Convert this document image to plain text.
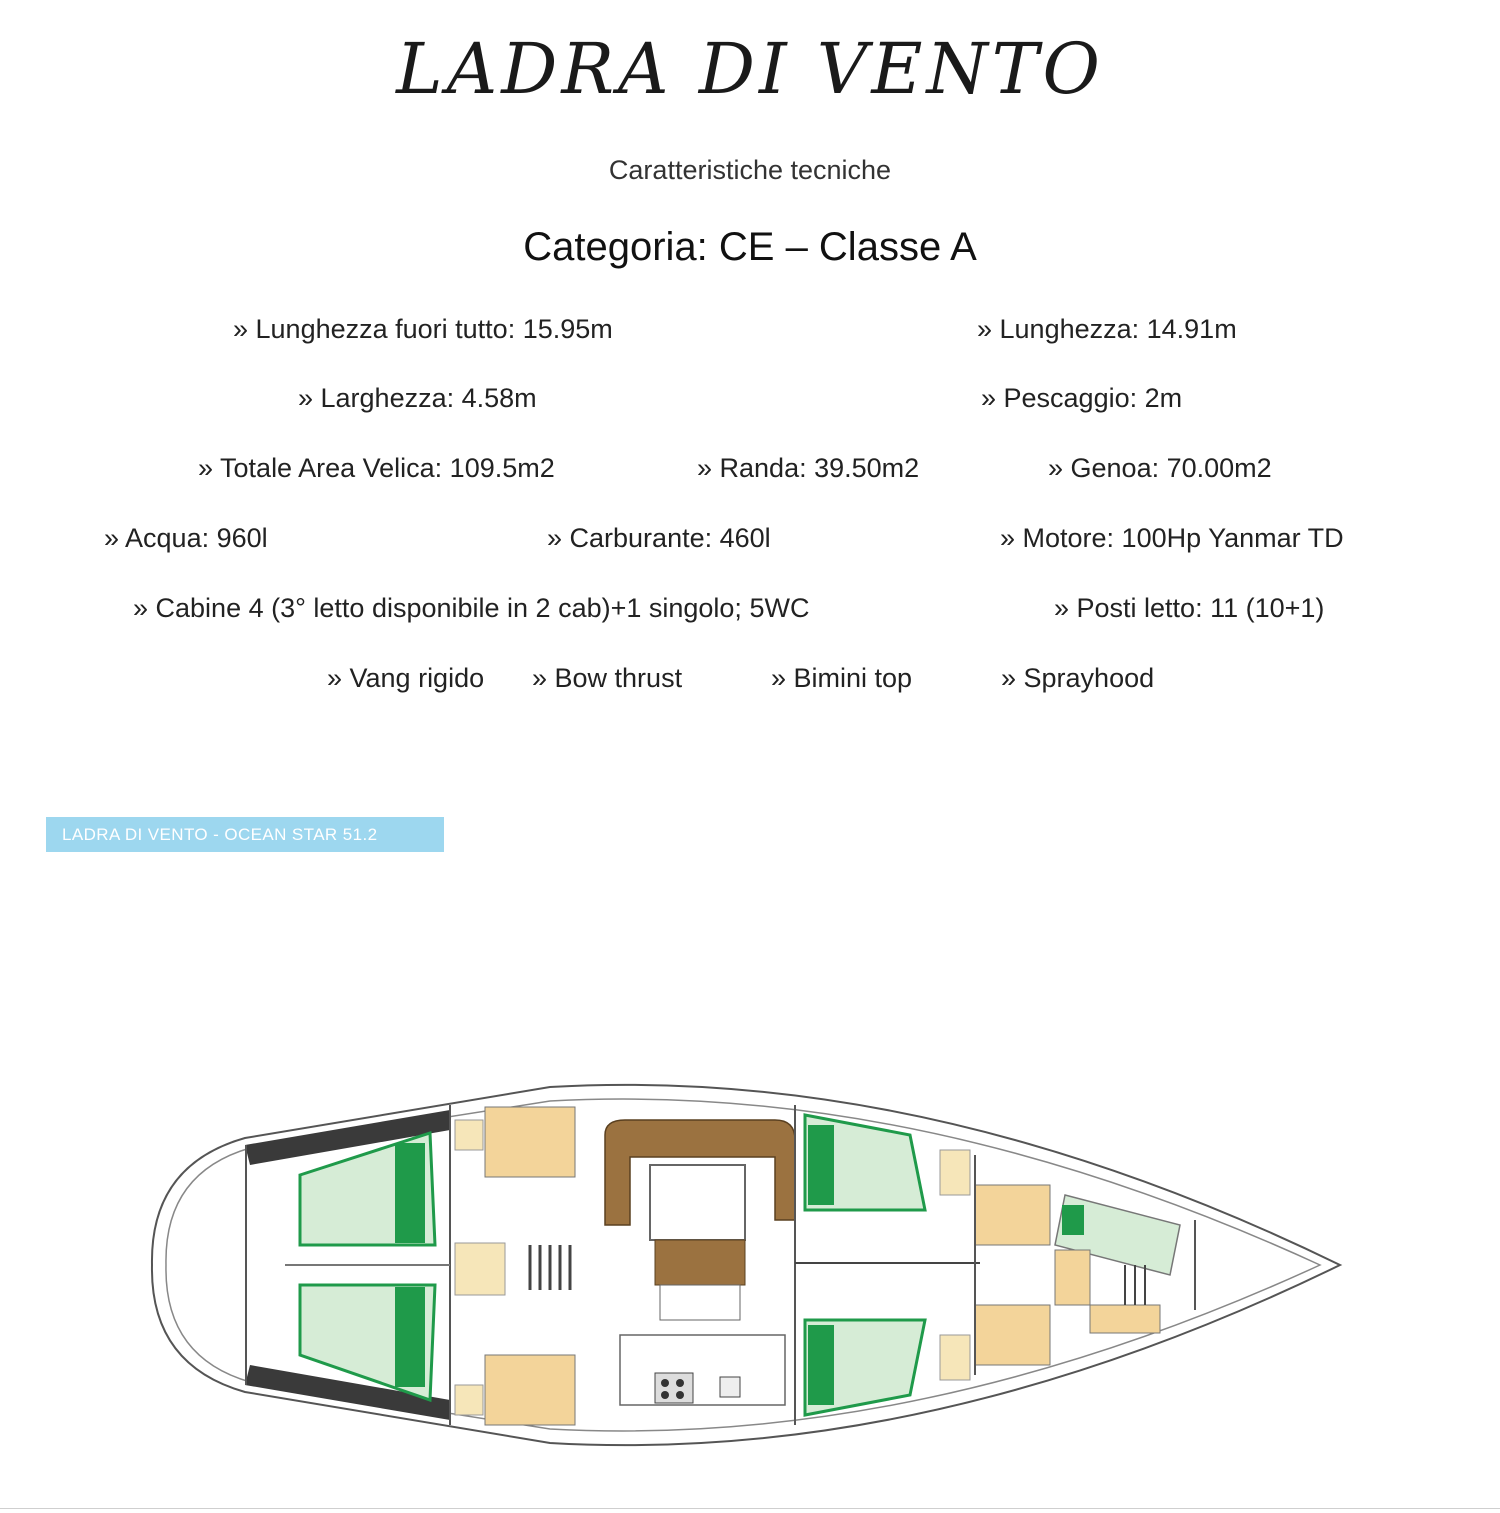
LADRA DI VENTO
Caratteristiche tecniche
Categoria: CE – Classe A
» Lunghezza fuori tutto: 15.95m	» Lunghezza: 14.91m
» Larghezza: 4.58m	» Pescaggio: 2m
» Totale Area Velica: 109.5m2	» Randa: 39.50m2	» Genoa: 70.00m2
» Acqua: 960l	» Carburante: 460l	» Motore: 100Hp Yanmar TD
» Cabine 4 (3° letto disponibile in 2 cab)+1 singolo; 5WC	» Posti letto: 11 (10+1)
» Vang rigido » Bow thrust	» Bimini top	» Sprayhood
LADRA DI VENTO - OCEAN STAR 51.2
